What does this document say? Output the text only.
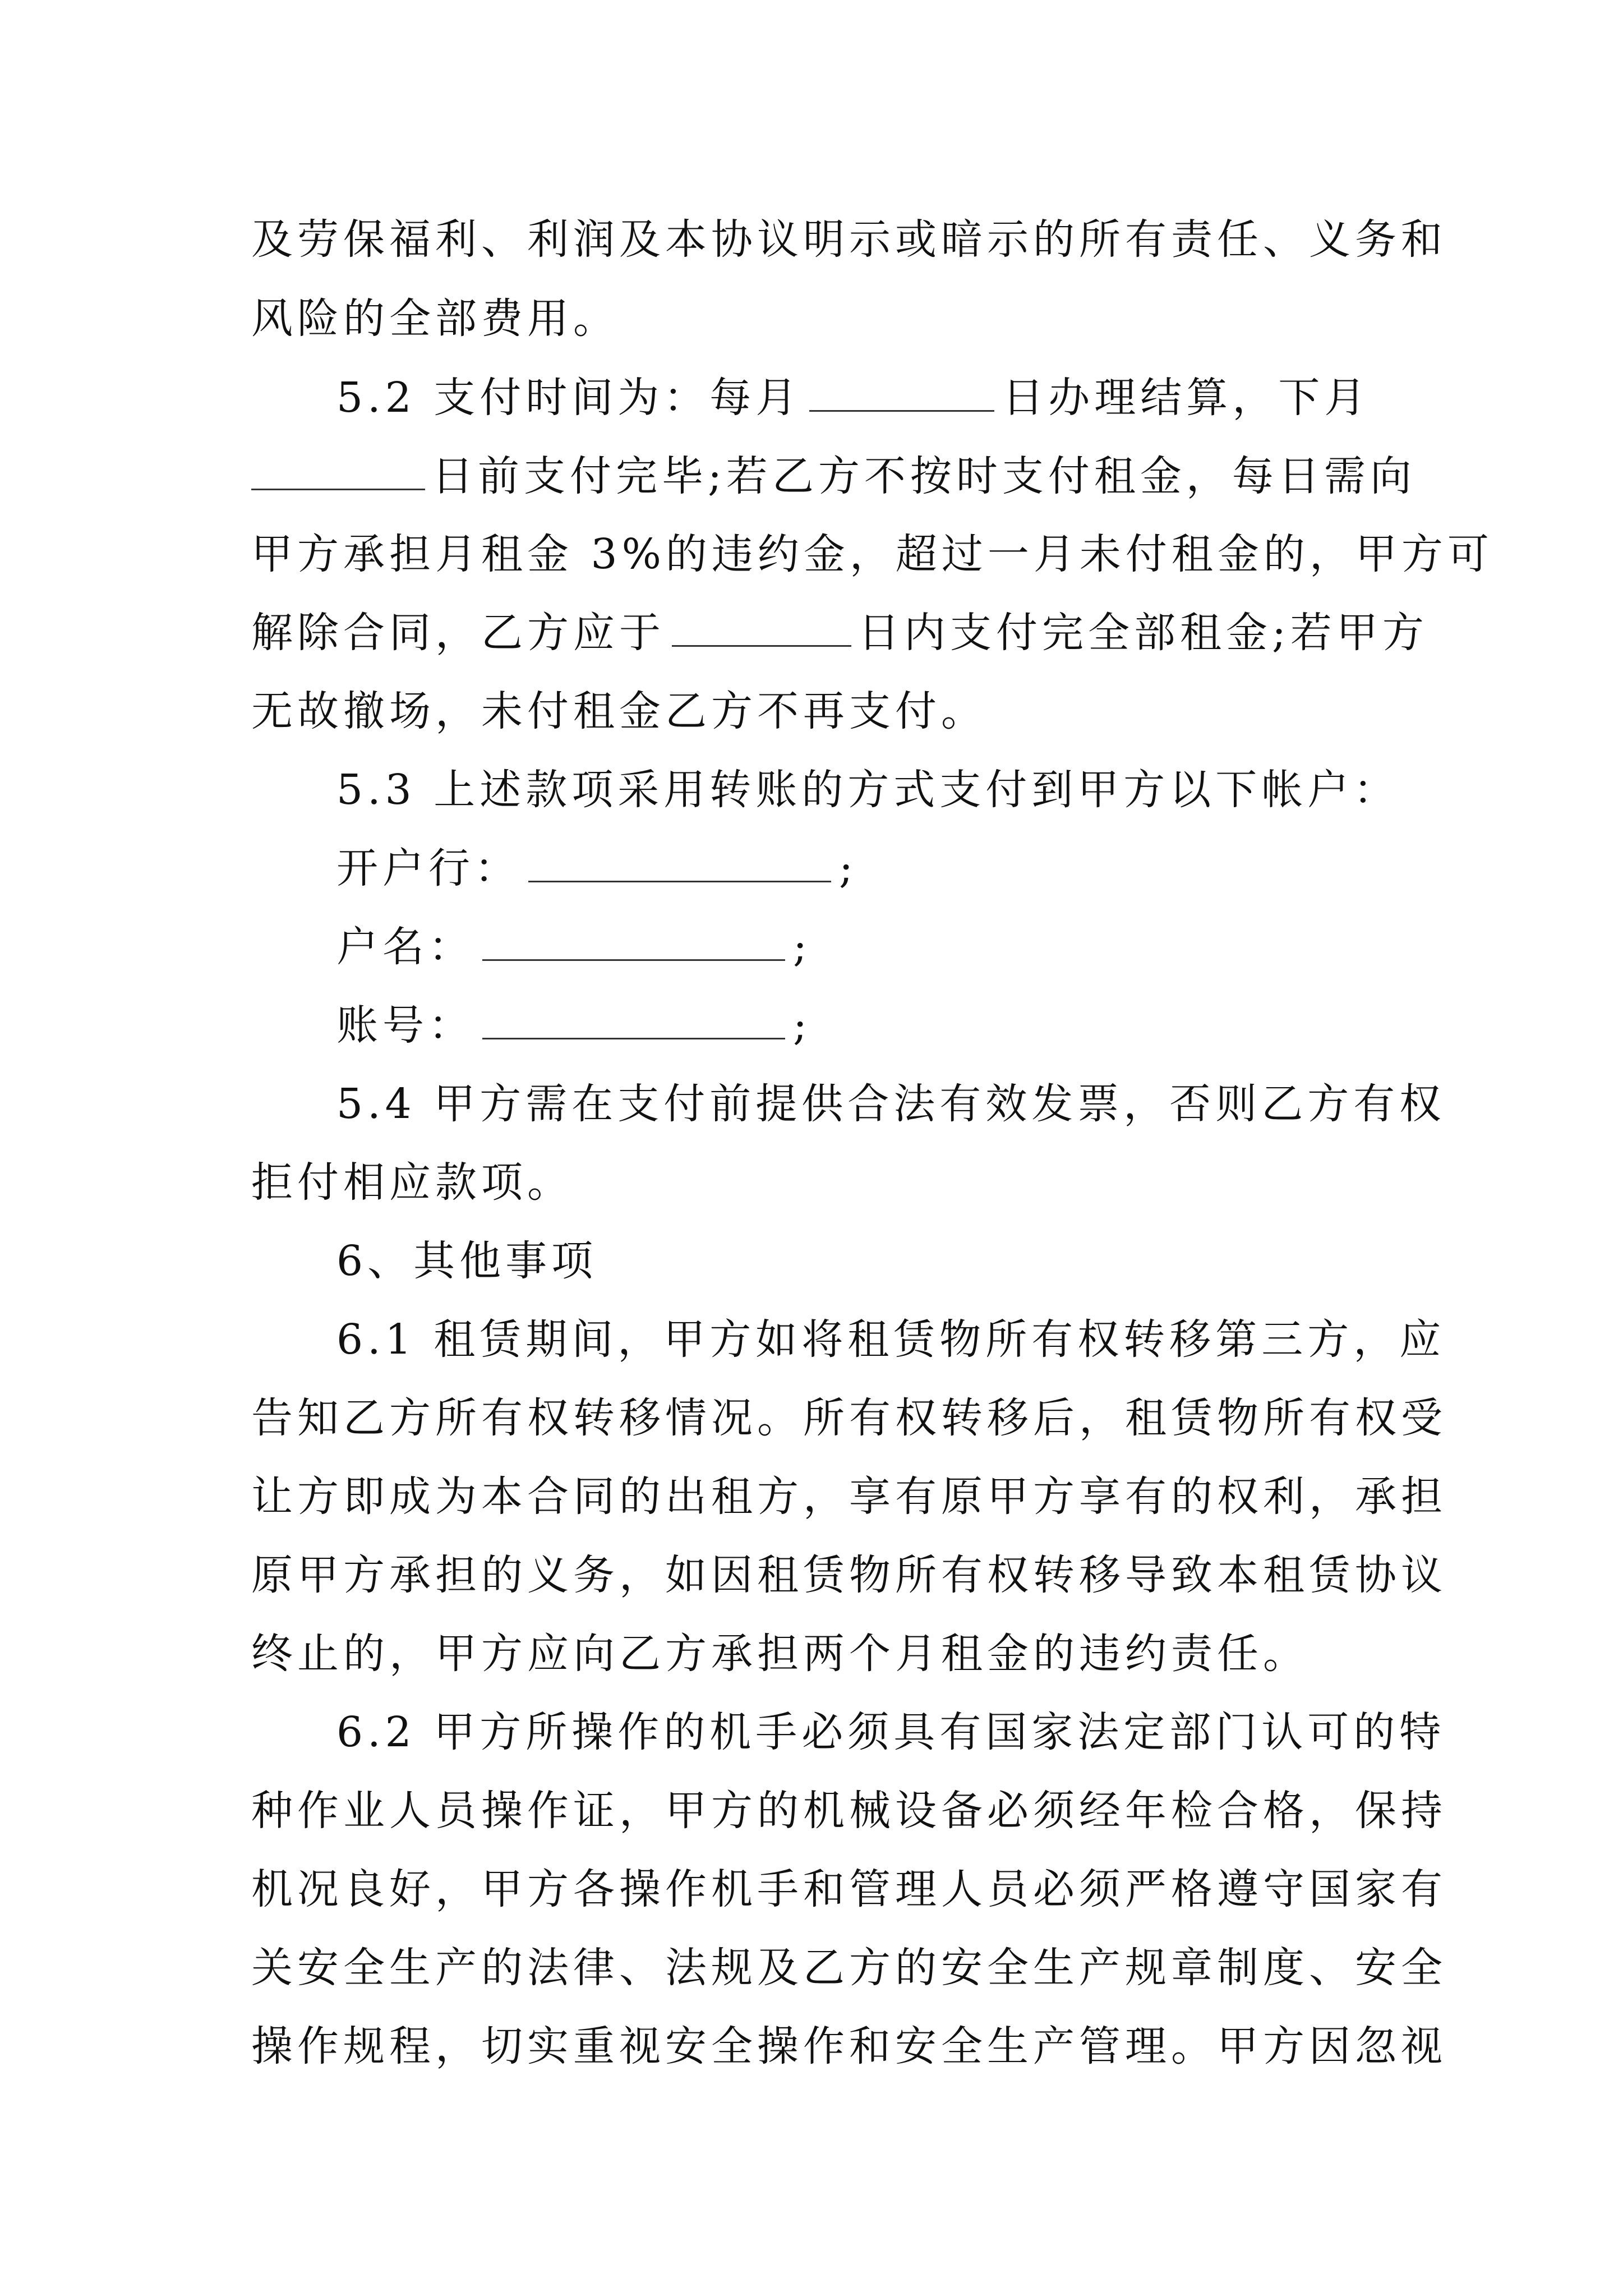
及劳保福利、利润及本协议明示或暗示的所有责任、义务和
风险的全部费用。
5.2 支付时间为：每月	日办理结算，下月
日前支付完毕;若乙方不按时支付租金，每日需向
甲方承担月租金 3%的违约金，超过一月未付租金的，甲方可
解除合同，乙方应于	日内支付完全部租金;若甲方
无故撤场，未付租金乙方不再支付。
5.3 上述款项采用转账的方式支付到甲方以下帐户：
开户行：	;
户名：	;
账号：	;
5.4 甲方需在支付前提供合法有效发票，否则乙方有权
拒付相应款项。
6、其他事项
6.1 租赁期间，甲方如将租赁物所有权转移第三方，应
告知乙方所有权转移情况。所有权转移后，租赁物所有权受
让方即成为本合同的出租方，享有原甲方享有的权利，承担
原甲方承担的义务，如因租赁物所有权转移导致本租赁协议
终止的，甲方应向乙方承担两个月租金的违约责任。
6.2 甲方所操作的机手必须具有国家法定部门认可的特
种作业人员操作证，甲方的机械设备必须经年检合格，保持
机况良好，甲方各操作机手和管理人员必须严格遵守国家有
关安全生产的法律、法规及乙方的安全生产规章制度、安全
操作规程，切实重视安全操作和安全生产管理。甲方因忽视
